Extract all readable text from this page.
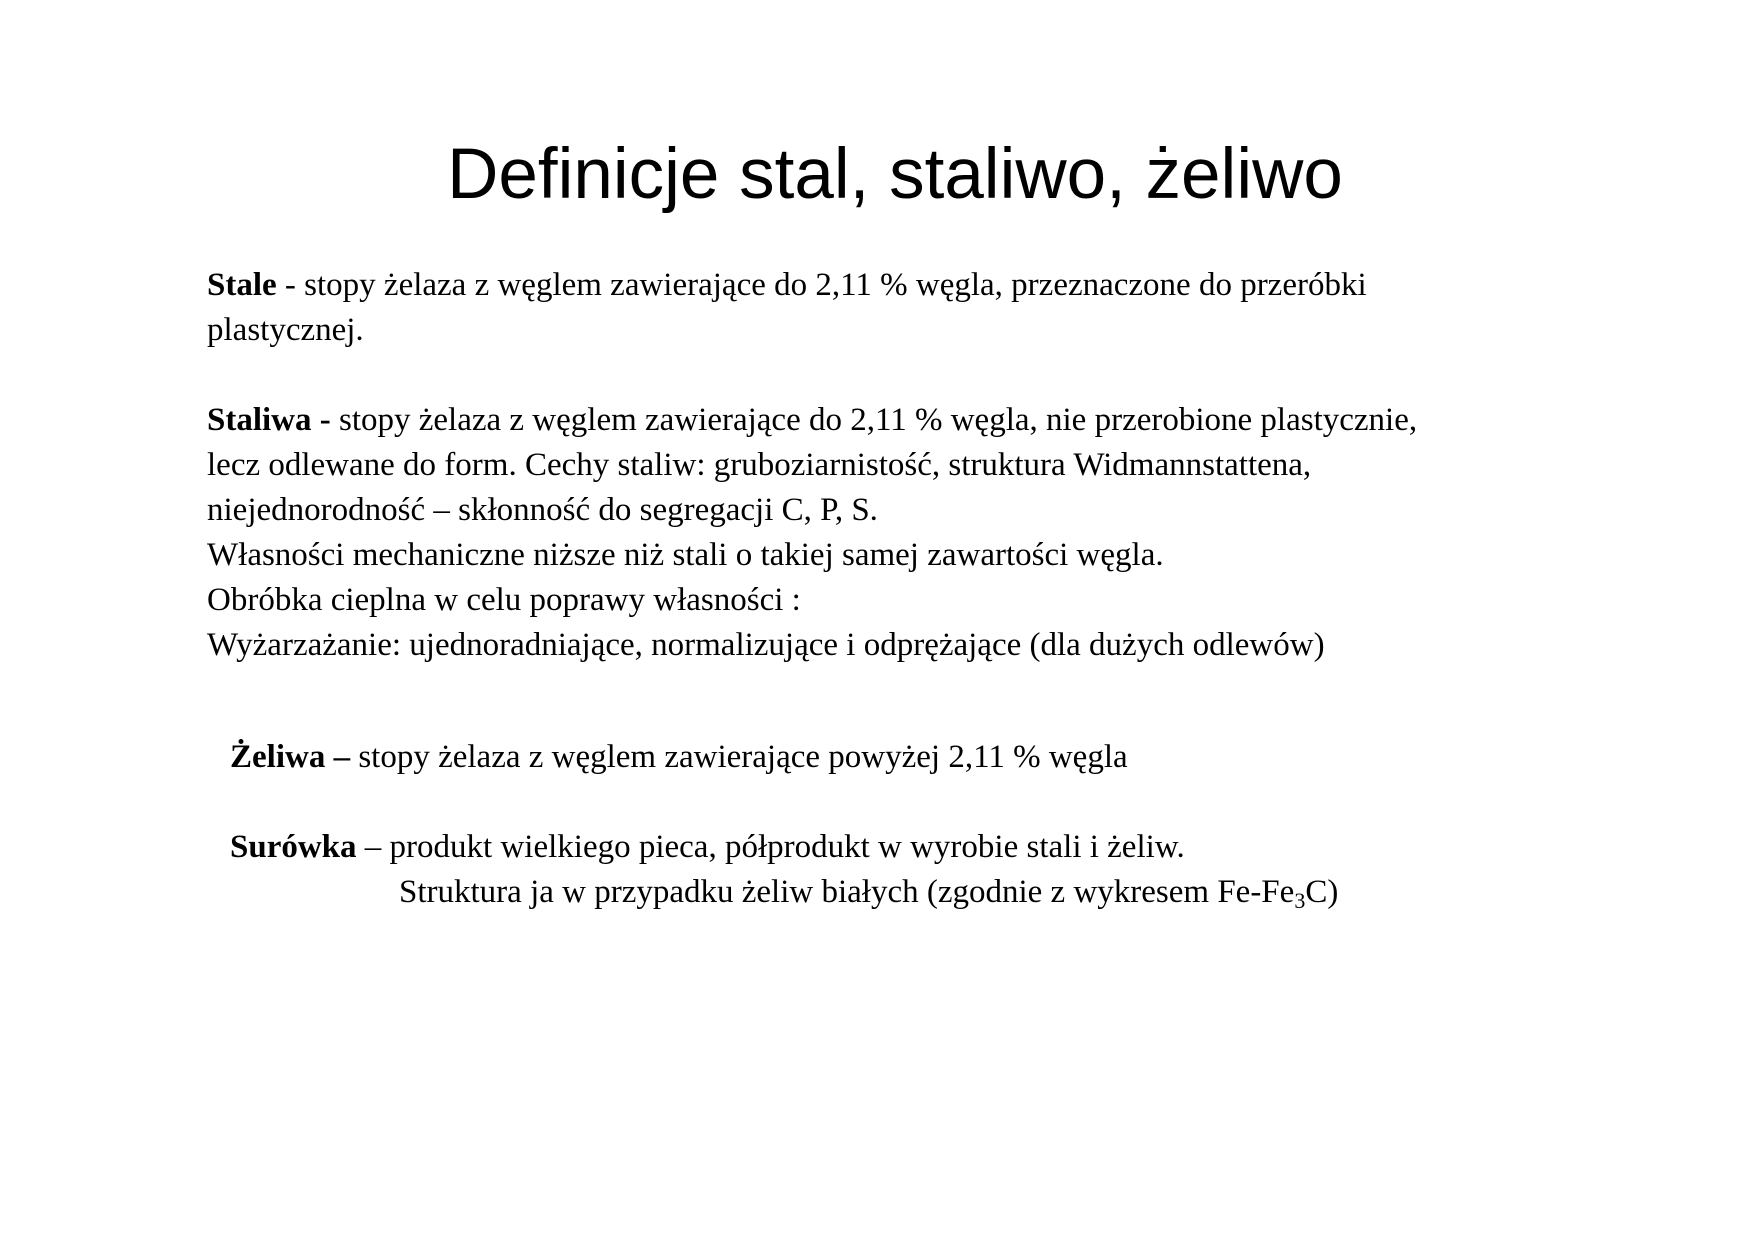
Definicje stal, staliwo, żeliwo

Stale - stopy żelaza z węglem zawierające do 2,11 % węgla, przeznaczone do przeróbki
plastycznej.

Staliwa - stopy żelaza z węglem zawierające do 2,11 % węgla, nie przerobione plastycznie,
lecz odlewane do form. Cechy staliw: gruboziarnistość, struktura Widmannstattena,
niejednorodność – skłonność do segregacji C, P, S.
Własności mechaniczne niższe niż stali o takiej samej zawartości węgla.
Obróbka cieplna w celu poprawy własności :
Wyżarzażanie: ujednoradniające, normalizujące i odprężające (dla dużych odlewów)

Żeliwa – stopy żelaza z węglem zawierające powyżej 2,11 % węgla

Surówka – produkt wielkiego pieca, półprodukt w wyrobie stali i żeliw.
Struktura ja w przypadku żeliw białych (zgodnie z wykresem $Fe-Fe_3C$)
